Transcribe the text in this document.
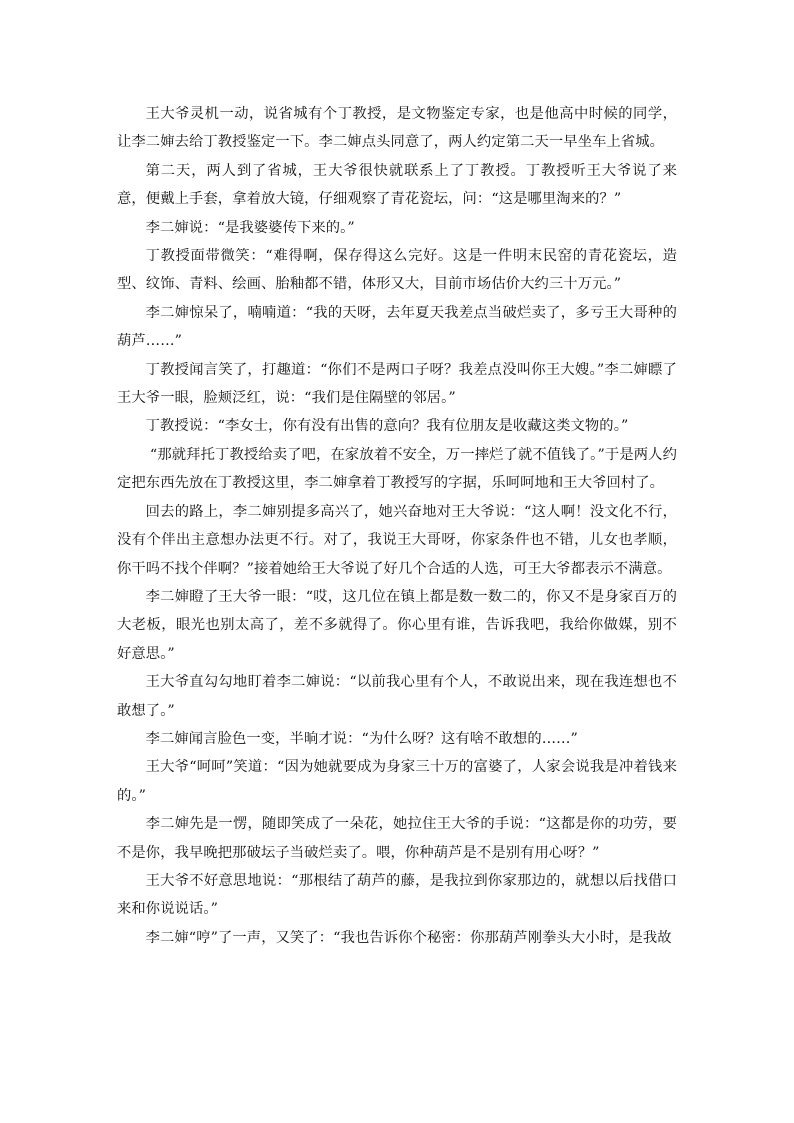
王大爷灵机一动，说省城有个丁教授，是文物鉴定专家，也是他高中时候的同学，让李二婶去给丁教授鉴定一下。李二婶点头同意了，两人约定第二天一早坐车上省城。

第二天，两人到了省城，王大爷很快就联系上了丁教授。丁教授听王大爷说了来意，便戴上手套，拿着放大镜，仔细观察了青花瓷坛，问：“这是哪里淘来的？”

李二婶说：“是我婆婆传下来的。”

丁教授面带微笑：“难得啊，保存得这么完好。这是一件明末民窑的青花瓷坛，造型、纹饰、青料、绘画、胎釉都不错，体形又大，目前市场估价大约三十万元。”

李二婶惊呆了，喃喃道：“我的天呀，去年夏天我差点当破烂卖了，多亏王大哥种的葫芦……”

丁教授闻言笑了，打趣道：“你们不是两口子呀？我差点没叫你王大嫂。”李二婶瞟了王大爷一眼，脸颊泛红，说：“我们是住隔壁的邻居。”

丁教授说：“李女士，你有没有出售的意向？我有位朋友是收藏这类文物的。”

“那就拜托丁教授给卖了吧，在家放着不安全，万一摔烂了就不值钱了。”于是两人约定把东西先放在丁教授这里，李二婶拿着丁教授写的字据，乐呵呵地和王大爷回村了。

回去的路上，李二婶别提多高兴了，她兴奋地对王大爷说：“这人啊！没文化不行，没有个伴出主意想办法更不行。对了，我说王大哥呀，你家条件也不错，儿女也孝顺，你干吗不找个伴啊？”接着她给王大爷说了好几个合适的人选，可王大爷都表示不满意。

李二婶瞪了王大爷一眼：“哎，这几位在镇上都是数一数二的，你又不是身家百万的大老板，眼光也别太高了，差不多就得了。你心里有谁，告诉我吧，我给你做媒，别不好意思。”

王大爷直勾勾地盯着李二婶说：“以前我心里有个人，不敢说出来，现在我连想也不敢想了。”

李二婶闻言脸色一变，半晌才说：“为什么呀？这有啥不敢想的……”

王大爷“呵呵”笑道：“因为她就要成为身家三十万的富婆了，人家会说我是冲着钱来的。”

李二婶先是一愣，随即笑成了一朵花，她拉住王大爷的手说：“这都是你的功劳，要不是你，我早晚把那破坛子当破烂卖了。喂，你种葫芦是不是别有用心呀？”

王大爷不好意思地说：“那根结了葫芦的藤，是我拉到你家那边的，就想以后找借口来和你说说话。”

李二婶“哼”了一声，又笑了：“我也告诉你个秘密：你那葫芦刚拳头大小时，是我故
